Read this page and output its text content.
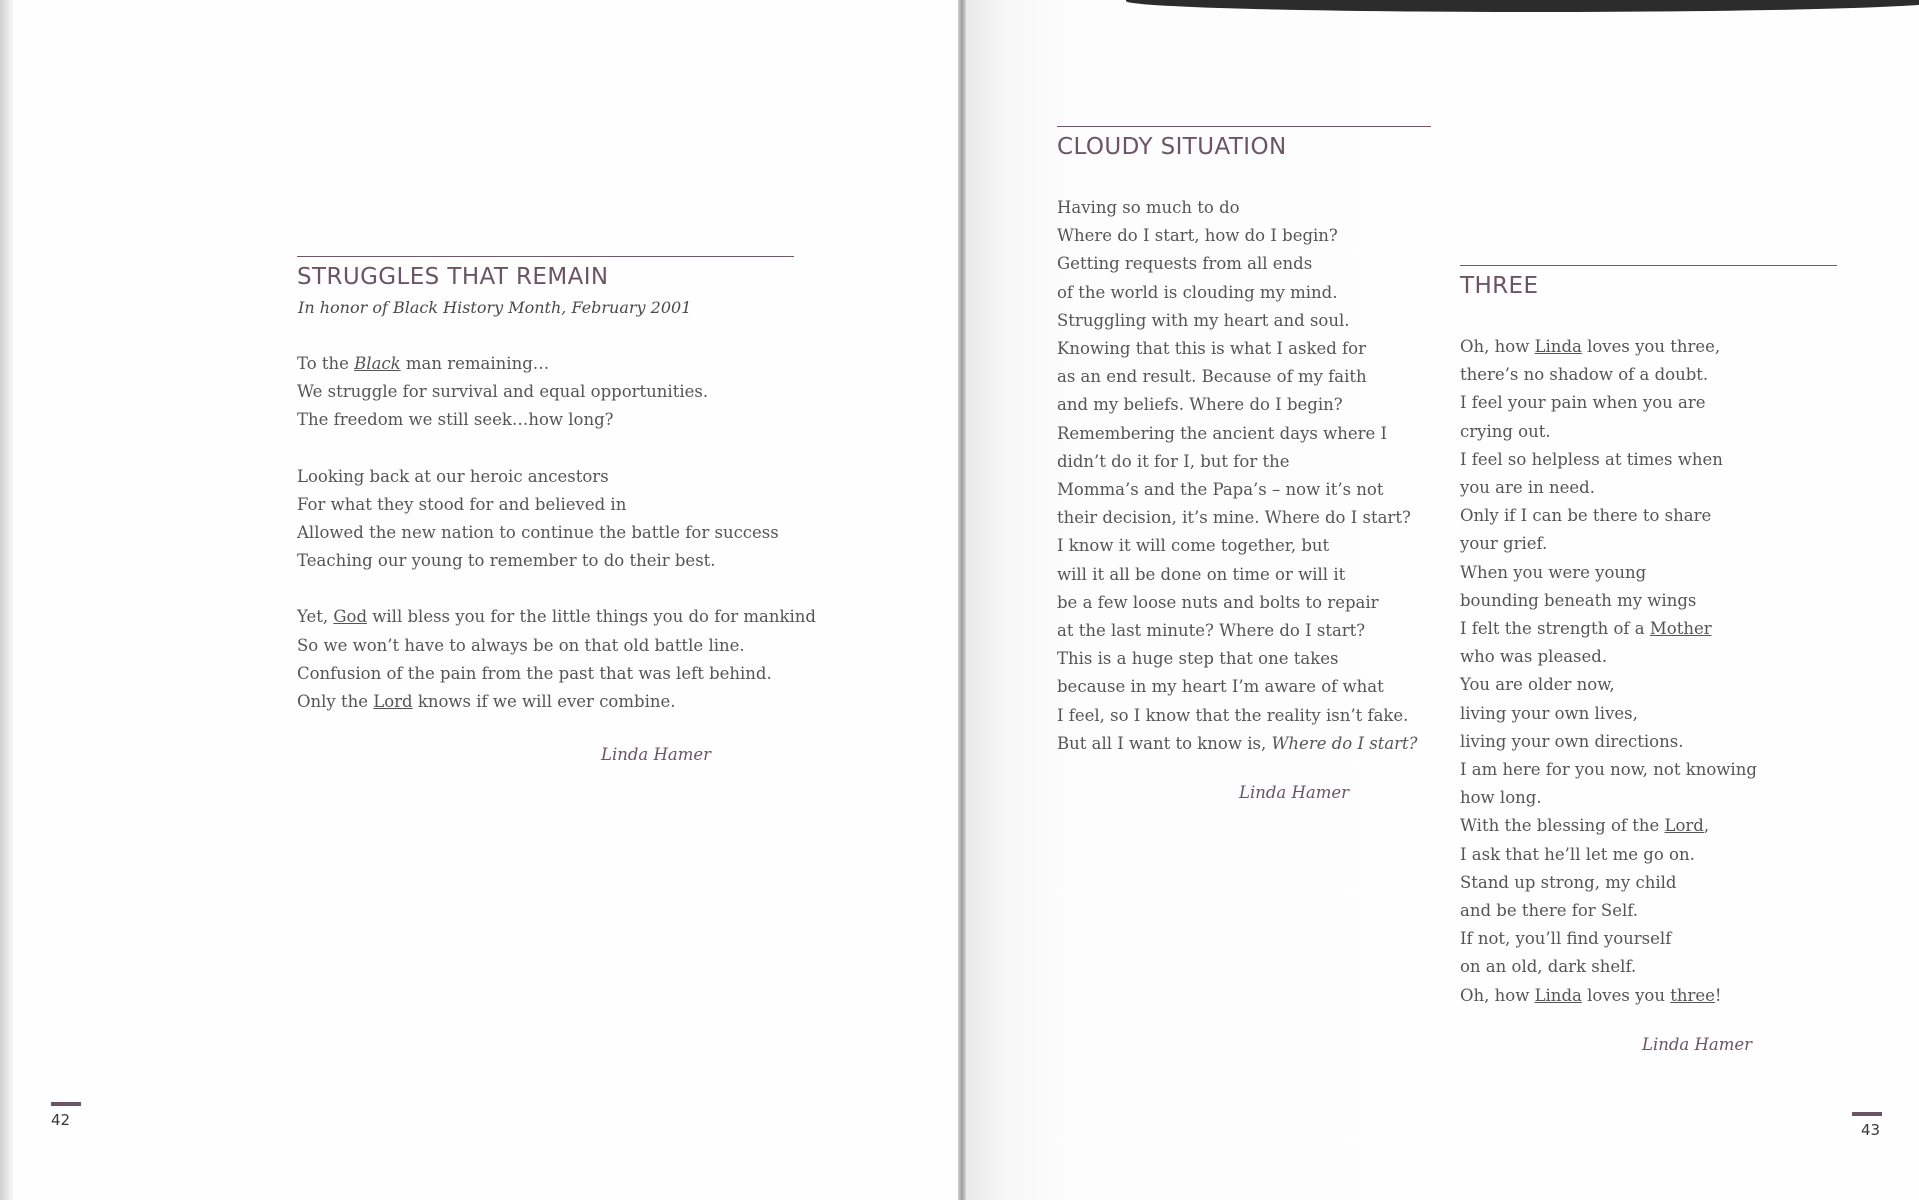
STRUGGLES THAT REMAIN

In honor of Black History Month, February 2001

To the Black man remaining…
We struggle for survival and equal opportunities.
The freedom we still seek…how long?
Looking back at our heroic ancestors
For what they stood for and believed in
Allowed the new nation to continue the battle for success
Teaching our young to remember to do their best.
Yet, God will bless you for the little things you do for mankind
So we won’t have to always be on that old battle line.
Confusion of the pain from the past that was left behind.
Only the Lord knows if we will ever combine.

Linda Hamer

42
CLOUDY SITUATION
Having so much to do
Where do I start, how do I begin?
Getting requests from all ends
of the world is clouding my mind.
Struggling with my heart and soul.
Knowing that this is what I asked for
as an end result. Because of my faith
and my beliefs. Where do I begin?
Remembering the ancient days where I
didn’t do it for I, but for the
Momma’s and the Papa’s – now it’s not
their decision, it’s mine. Where do I start?
I know it will come together, but
will it all be done on time or will it
be a few loose nuts and bolts to repair
at the last minute? Where do I start?
This is a huge step that one takes
because in my heart I’m aware of what
I feel, so I know that the reality isn’t fake.
But all I want to know is, Where do I start?

Linda Hamer

THREE
Oh, how Linda loves you three,
there’s no shadow of a doubt.
I feel your pain when you are
crying out.
I feel so helpless at times when
you are in need.
Only if I can be there to share
your grief.
When you were young
bounding beneath my wings
I felt the strength of a Mother
who was pleased.
You are older now,
living your own lives,
living your own directions.
I am here for you now, not knowing
how long.
With the blessing of the Lord,
I ask that he’ll let me go on.
Stand up strong, my child
and be there for Self.
If not, you’ll find yourself
on an old, dark shelf.
Oh, how Linda loves you three!

Linda Hamer

43
